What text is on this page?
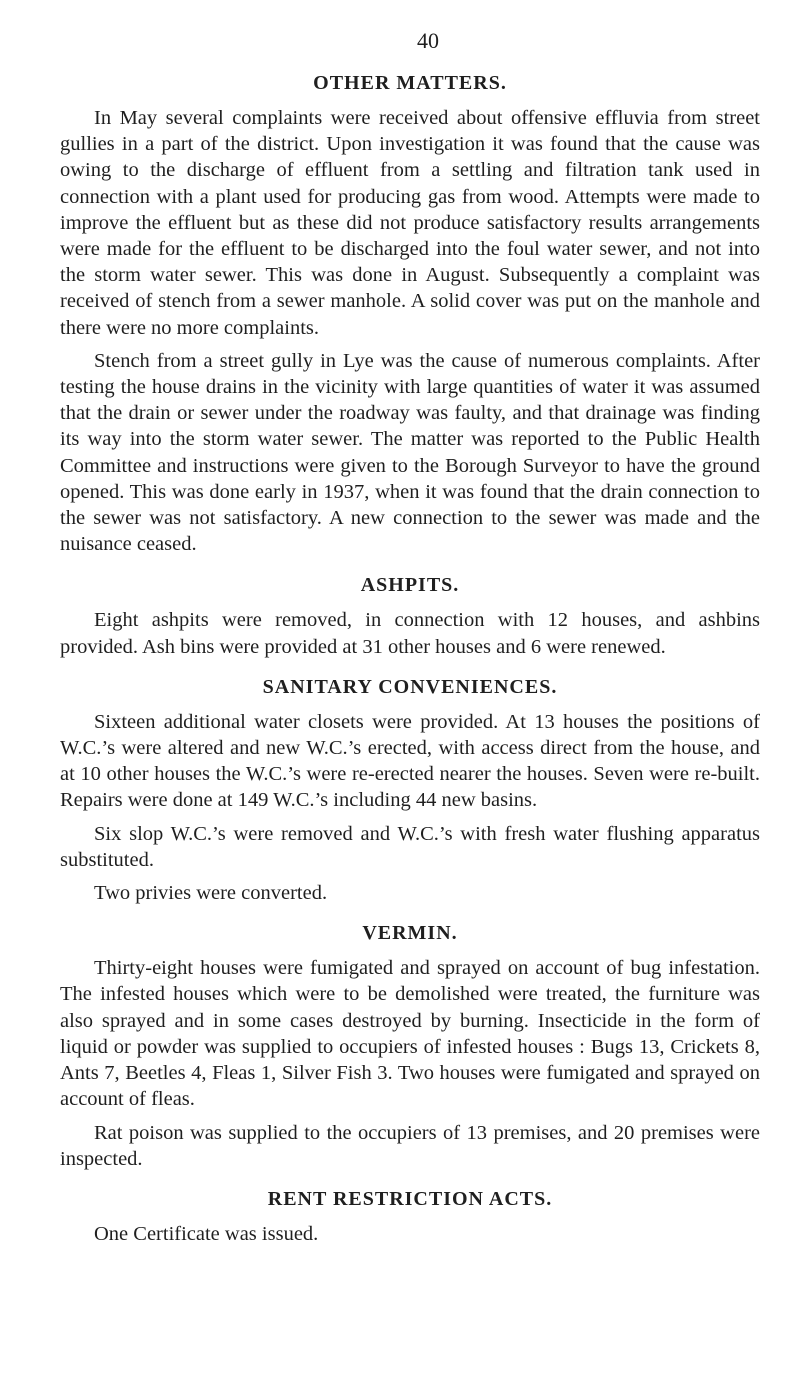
40
OTHER MATTERS.

In May several complaints were received about offensive effluvia from street gullies in a part of the district. Upon investigation it was found that the cause was owing to the discharge of effluent from a settling and filtration tank used in connection with a plant used for producing gas from wood. Attempts were made to improve the effluent but as these did not produce satisfactory results arrangements were made for the effluent to be discharged into the foul water sewer, and not into the storm water sewer. This was done in August. Subsequently a complaint was received of stench from a sewer manhole. A solid cover was put on the manhole and there were no more complaints.

Stench from a street gully in Lye was the cause of numerous complaints. After testing the house drains in the vicinity with large quantities of water it was assumed that the drain or sewer under the roadway was faulty, and that drainage was finding its way into the storm water sewer. The matter was reported to the Public Health Committee and instructions were given to the Borough Surveyor to have the ground opened. This was done early in 1937, when it was found that the drain connection to the sewer was not satisfactory. A new connection to the sewer was made and the nuisance ceased.

ASHPITS.

Eight ashpits were removed, in connection with 12 houses, and ashbins provided. Ash bins were provided at 31 other houses and 6 were renewed.

SANITARY CONVENIENCES.

Sixteen additional water closets were provided. At 13 houses the positions of W.C.’s were altered and new W.C.’s erected, with access direct from the house, and at 10 other houses the W.C.’s were re-erected nearer the houses. Seven were re-built. Repairs were done at 149 W.C.’s including 44 new basins.

Six slop W.C.’s were removed and W.C.’s with fresh water flushing apparatus substituted.

Two privies were converted.

VERMIN.

Thirty-eight houses were fumigated and sprayed on account of bug infestation. The infested houses which were to be demolished were treated, the furniture was also sprayed and in some cases destroyed by burning. Insecticide in the form of liquid or powder was supplied to occupiers of infested houses : Bugs 13, Crickets 8, Ants 7, Beetles 4, Fleas 1, Silver Fish 3. Two houses were fumigated and sprayed on account of fleas.

Rat poison was supplied to the occupiers of 13 premises, and 20 premises were inspected.

RENT RESTRICTION ACTS.

One Certificate was issued.
